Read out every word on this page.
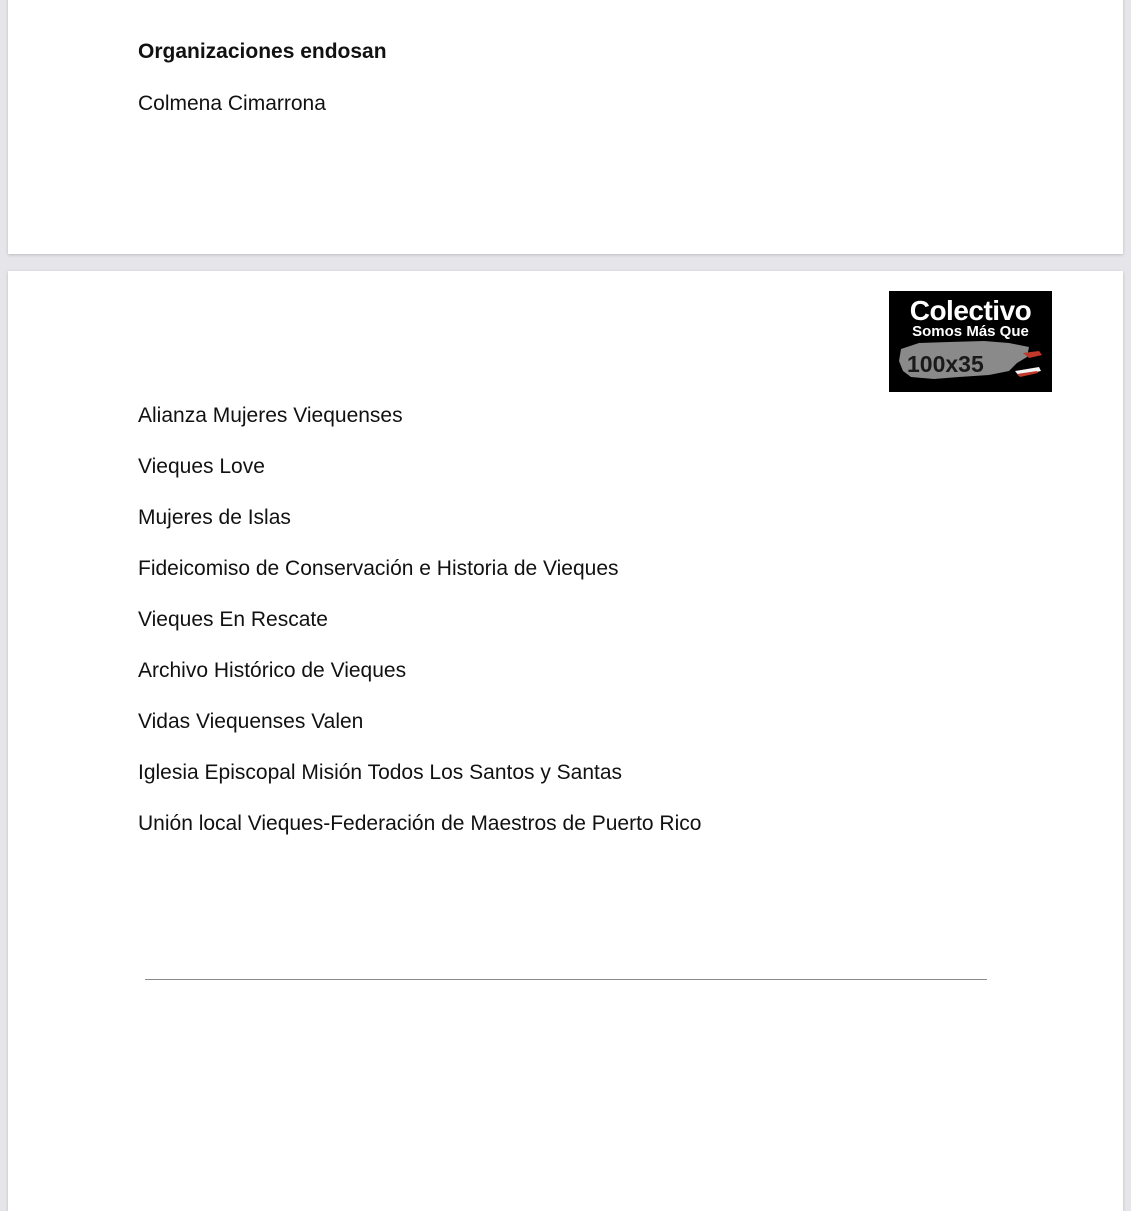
Organizaciones endosan
Colmena Cimarrona
Colectivo
Somos Más Que
100x35
Alianza Mujeres Viequenses
Vieques Love
Mujeres de Islas
Fideicomiso de Conservación e Historia de Vieques
Vieques En Rescate
Archivo Histórico de Vieques
Vidas Viequenses Valen
Iglesia Episcopal Misión Todos Los Santos y Santas
Unión local Vieques-Federación de Maestros de Puerto Rico
